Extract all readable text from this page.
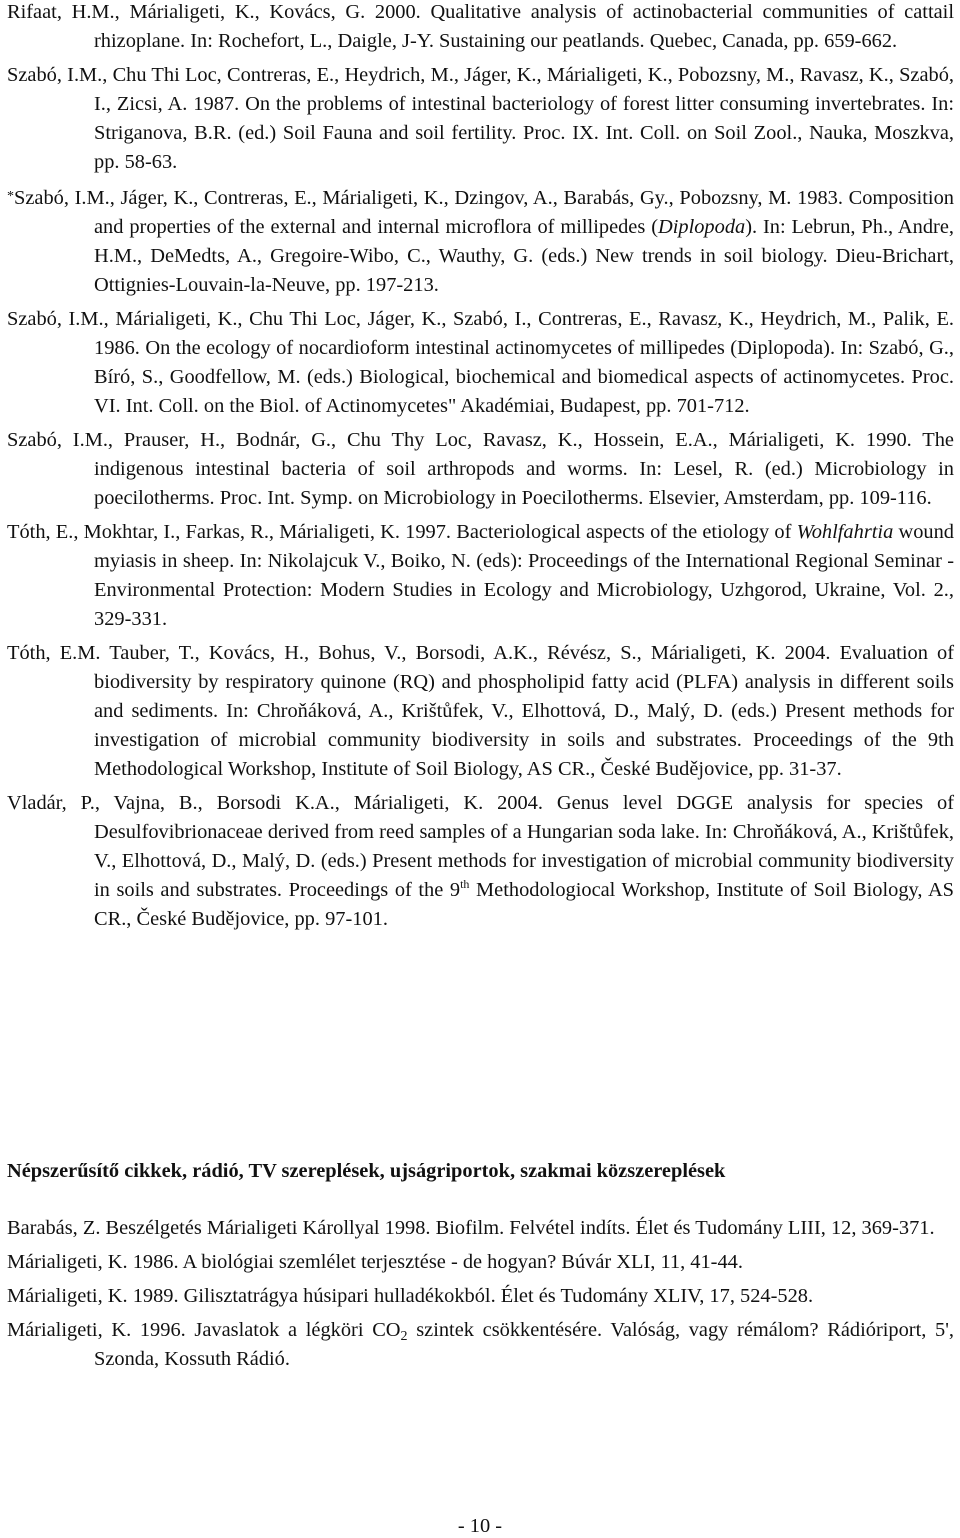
Rifaat, H.M., Márialigeti, K., Kovács, G. 2000. Qualitative analysis of actinobacterial communities of cattail rhizoplane. In: Rochefort, L., Daigle, J-Y. Sustaining our peatlands. Quebec, Canada, pp. 659-662.

Szabó, I.M., Chu Thi Loc, Contreras, E., Heydrich, M., Jáger, K., Márialigeti, K., Pobozsny, M., Ravasz, K., Szabó, I., Zicsi, A. 1987. On the problems of intestinal bacteriology of forest litter consuming invertebrates. In: Striganova, B.R. (ed.) Soil Fauna and soil fertility. Proc. IX. Int. Coll. on Soil Zool., Nauka, Moszkva, pp. 58-63.

*Szabó, I.M., Jáger, K., Contreras, E., Márialigeti, K., Dzingov, A., Barabás, Gy., Pobozsny, M. 1983. Composition and properties of the external and internal microflora of millipedes (Diplopoda). In: Lebrun, Ph., Andre, H.M., DeMedts, A., Gregoire-Wibo, C., Wauthy, G. (eds.) New trends in soil biology. Dieu-Brichart, Ottignies-Louvain-la-Neuve, pp. 197-213.

Szabó, I.M., Márialigeti, K., Chu Thi Loc, Jáger, K., Szabó, I., Contreras, E., Ravasz, K., Heydrich, M., Palik, E. 1986. On the ecology of nocardioform intestinal actinomycetes of millipedes (Diplopoda). In: Szabó, G., Bíró, S., Goodfellow, M. (eds.) Biological, biochemical and biomedical aspects of actinomycetes. Proc. VI. Int. Coll. on the Biol. of Actinomycetes" Akadémiai, Budapest, pp. 701-712.

Szabó, I.M., Prauser, H., Bodnár, G., Chu Thy Loc, Ravasz, K., Hossein, E.A., Márialigeti, K. 1990. The indigenous intestinal bacteria of soil arthropods and worms. In: Lesel, R. (ed.) Microbiology in poecilotherms. Proc. Int. Symp. on Microbiology in Poecilotherms. Elsevier, Amsterdam, pp. 109-116.

Tóth, E., Mokhtar, I., Farkas, R., Márialigeti, K. 1997. Bacteriological aspects of the etiology of Wohlfahrtia wound myiasis in sheep. In: Nikolajcuk V., Boiko, N. (eds): Proceedings of the International Regional Seminar - Environmental Protection: Modern Studies in Ecology and Microbiology, Uzhgorod, Ukraine, Vol. 2., 329-331.

Tóth, E.M. Tauber, T., Kovács, H., Bohus, V., Borsodi, A.K., Révész, S., Márialigeti, K. 2004. Evaluation of biodiversity by respiratory quinone (RQ) and phospholipid fatty acid (PLFA) analysis in different soils and sediments. In: Chroňáková, A., Krištůfek, V., Elhottová, D., Malý, D. (eds.) Present methods for investigation of microbial community biodiversity in soils and substrates. Proceedings of the 9th Methodological Workshop, Institute of Soil Biology, AS CR., České Budějovice, pp. 31-37.

Vladár, P., Vajna, B., Borsodi K.A., Márialigeti, K. 2004. Genus level DGGE analysis for species of Desulfovibrionaceae derived from reed samples of a Hungarian soda lake. In: Chroňáková, A., Krištůfek, V., Elhottová, D., Malý, D. (eds.) Present methods for investigation of microbial community biodiversity in soils and substrates. Proceedings of the 9th Methodologiocal Workshop, Institute of Soil Biology, AS CR., České Budějovice, pp. 97-101.

Népszerűsítő cikkek, rádió, TV szereplések, ujságriportok, szakmai közszereplések

Barabás, Z. Beszélgetés Márialigeti Károllyal 1998. Biofilm. Felvétel indíts. Élet és Tudomány LIII, 12, 369-371.

Márialigeti, K. 1986. A biológiai szemlélet terjesztése - de hogyan? Búvár XLI, 11, 41-44.

Márialigeti, K. 1989. Gilisztatrágya húsipari hulladékokból. Élet és Tudomány XLIV, 17, 524-528.

Márialigeti, K. 1996. Javaslatok a légköri $CO_2$ szintek csökkentésére. Valóság, vagy rémálom? Rádióriport, 5', Szonda, Kossuth Rádió.

- 10 -
